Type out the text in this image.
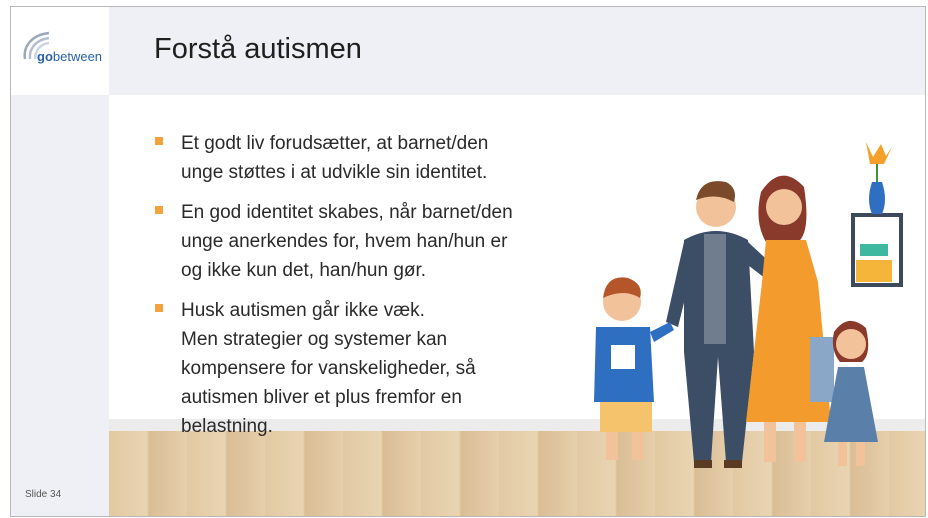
gobetween Forstå autismen
Et godt liv forudsætter, at barnet/den
unge støttes i at udvikle sin identitet.
En god identitet skabes, når barnet/den
unge anerkendes for, hvem han/hun er
og ikke kun det, han/hun gør.
Husk autismen går ikke væk.
Men strategier og systemer kan
kompensere for vanskeligheder, så
autismen bliver et plus fremfor en
belastning.
Slide 34
